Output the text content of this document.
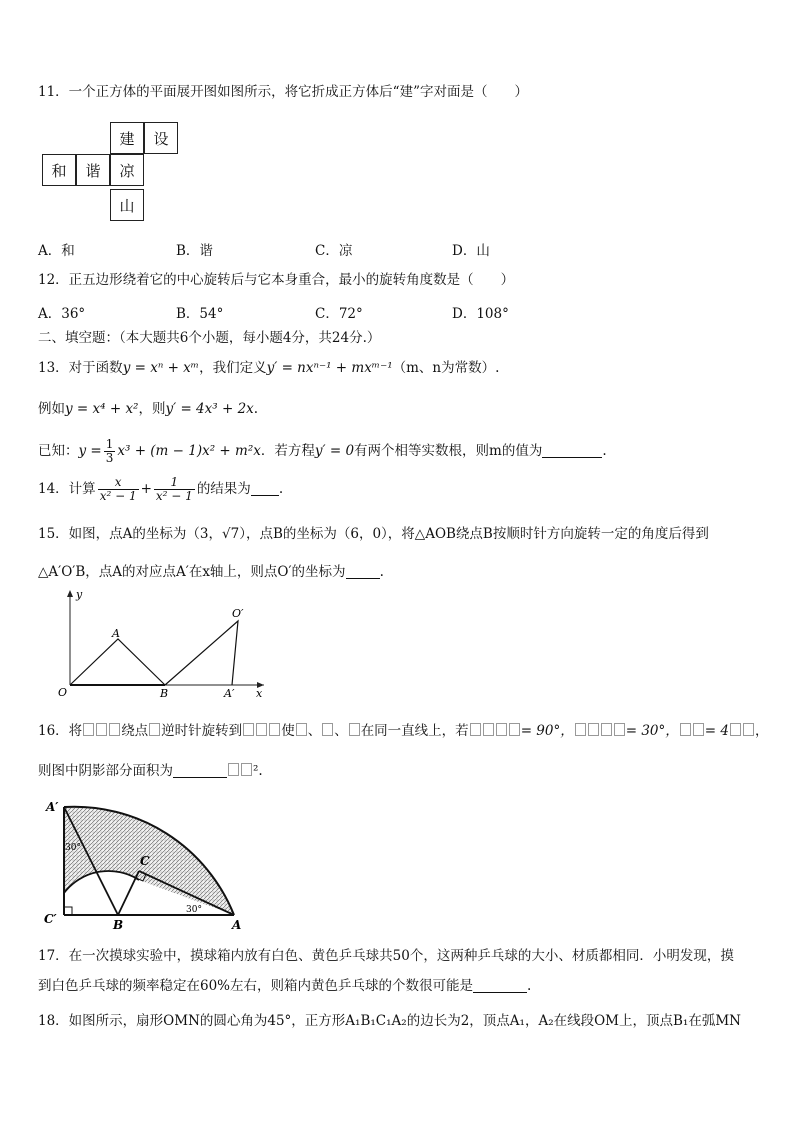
11．一个正方体的平面展开图如图所示，将它折成正方体后“建”字对面是（　　）
建	设
和	谐	凉
山
A．和	B．谐	C．凉	D．山
12．正五边形绕着它的中心旋转后与它本身重合，最小的旋转角度数是（　　）
A．36°	B．54°	C．72°	D．108°
二、填空题：（本大题共6个小题，每小题4分，共24分.）
13．对于函数y = xⁿ + xᵐ，我们定义y′ = nxⁿ⁻¹ + mxᵐ⁻¹（m、n为常数）.
例如y = x⁴ + x²，则y′ = 4x³ + 2x.
已知：$y = \frac{1}{3} x^3 + (m - 1)x^2 + m^2x$．若方程y′ = 0有两个相等实数根，则m的值为	.
14．计算 $\frac{x}{\text{x² − 1}} + \frac{1}{\text{x² − 1}}$ 的结果为 .
15．如图，点A的坐标为（3，√7），点B的坐标为（6，0），将△AOB绕点B按顺时针方向旋转一定的角度后得到
△A′O′B，点A的对应点A′在x轴上，则点O′的坐标为	.
y
x
O
A
B	A′
O′
16．将	绕点 逆时针旋转到	使 、 、 在同一直线上，若	= 90°，	= 30°， = 4 ，
则图中阴影部分面积为	².
A′
C′	B
C
A
30°
30°
17．在一次摸球实验中，摸球箱内放有白色、黄色乒乓球共50个，这两种乒乓球的大小、材质都相同．小明发现，摸
到白色乒乓球的频率稳定在60%左右，则箱内黄色乒乓球的个数很可能是	.
18．如图所示，扇形OMN的圆心角为45°，正方形A₁B₁C₁A₂的边长为2，顶点A₁，A₂在线段OM上，顶点B₁在弧MN
